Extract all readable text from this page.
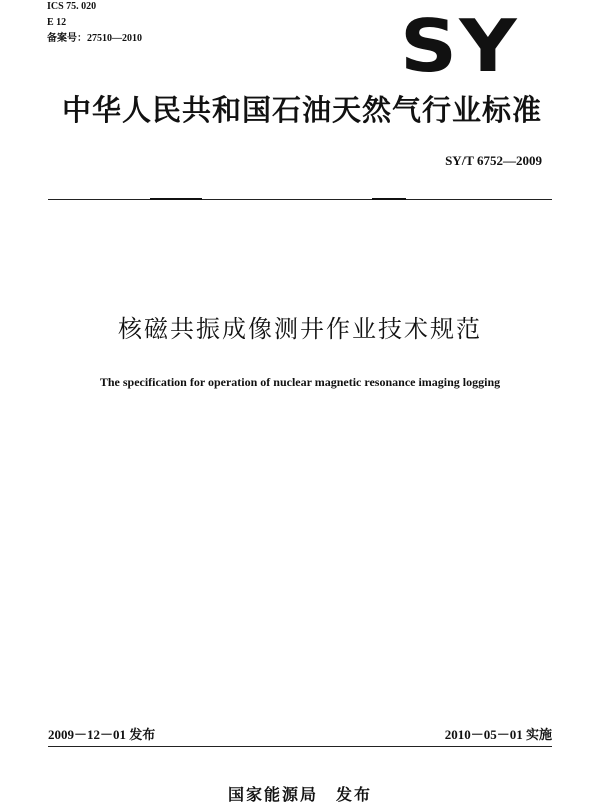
ICS 75. 020
E 12
备案号：27510—2010	SY
中华人民共和国石油天然气行业标准
SY/T 6752—2009
核磁共振成像测井作业技术规范
The specification for operation of nuclear magnetic resonance imaging logging
2009－12－01 发布	2010－05－01 实施
国家能源局　发布
